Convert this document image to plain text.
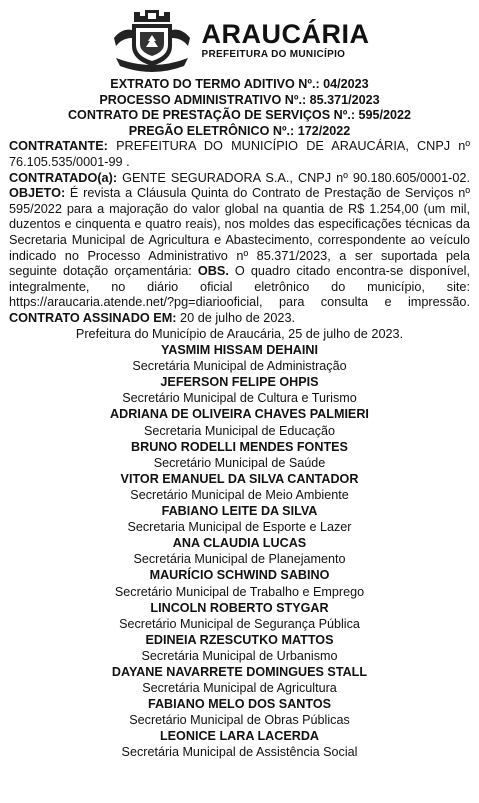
ARAUCÁRIA
PREFEITURA DO MUNICÍPIO
EXTRATO DO TERMO ADITIVO Nº.: 04/2023
PROCESSO ADMINISTRATIVO Nº.: 85.371/2023
CONTRATO DE PRESTAÇÃO DE SERVIÇOS Nº.: 595/2022
PREGÃO ELETRÔNICO Nº.: 172/2022
CONTRATANTE: PREFEITURA DO MUNICÍPIO DE ARAUCÁRIA, CNPJ nº 76.105.535/0001-99 .
CONTRATADO(a): GENTE SEGURADORA S.A., CNPJ nº 90.180.605/0001-02. OBJETO: É revista a Cláusula Quinta do Contrato de Prestação de Serviços nº 595/2022 para a majoração do valor global na quantia de R$ 1.254,00 (um mil, duzentos e cinquenta e quatro reais), nos moldes das especificações técnicas da Secretaria Municipal de Agricultura e Abastecimento, correspondente ao veículo indicado no Processo Administrativo nº 85.371/2023, a ser suportada pela seguinte dotação orçamentária: OBS. O quadro citado encontra-se disponível, integralmente, no diário oficial eletrônico do município, site: https://araucaria.atende.net/?pg=diariooficial, para consulta e impressão. CONTRATO ASSINADO EM: 20 de julho de 2023.
Prefeitura do Município de Araucária, 25 de julho de 2023.
YASMIM HISSAM DEHAINI
Secretária Municipal de Administração
JEFERSON FELIPE OHPIS
Secretário Municipal de Cultura e Turismo
ADRIANA DE OLIVEIRA CHAVES PALMIERI
Secretaria Municipal de Educação
BRUNO RODELLI MENDES FONTES
Secretário Municipal de Saúde
VITOR EMANUEL DA SILVA CANTADOR
Secretário Municipal de Meio Ambiente
FABIANO LEITE DA SILVA
Secretaria Municipal de Esporte e Lazer
ANA CLAUDIA LUCAS
Secretária Municipal de Planejamento
MAURÍCIO SCHWIND SABINO
Secretário Municipal de Trabalho e Emprego
LINCOLN ROBERTO STYGAR
Secretário Municipal de Segurança Pública
EDINEIA RZESCUTKO MATTOS
Secretária Municipal de Urbanismo
DAYANE NAVARRETE DOMINGUES STALL
Secretária Municipal de Agricultura
FABIANO MELO DOS SANTOS
Secretário Municipal de Obras Públicas
LEONICE LARA LACERDA
Secretária Municipal de Assistência Social
